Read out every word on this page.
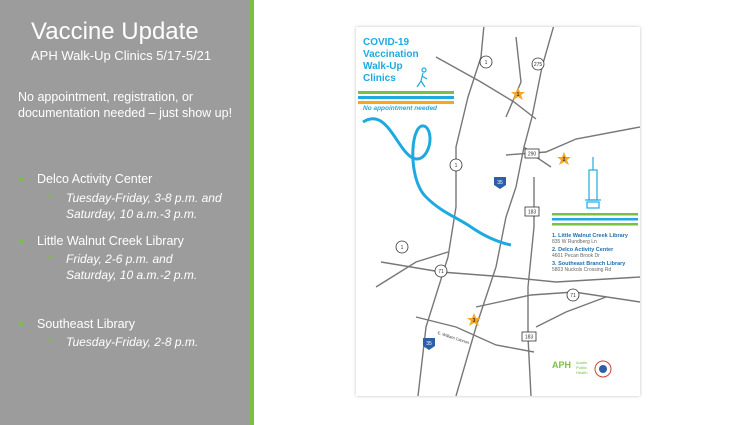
Vaccine Update
APH Walk-Up Clinics 5/17-5/21
No appointment, registration, or documentation needed – just show up!
● Delco Activity Center
● Tuesday-Friday, 3-8 p.m. and
Saturday, 10 a.m.-3 p.m.
● Little Walnut Creek Library
● Friday, 2-6 p.m. and
Saturday, 10 a.m.-2 p.m.
● Southeast Library
● Tuesday-Friday, 2-8 p.m.
1	275
290
35
183
1
1
71
71
35
183
E. William Cannon
1
2
3
COVID-19
Vaccination
Walk-Up
Clinics
No appointment needed
1. Little Walnut Creek Library
835 W Rundberg Ln
2. Delco Activity Center
4601 Pecan Brook Dr
3. Southeast Branch Library
5803 Nuckols Crossing Rd
APH Austin
Public
Health
